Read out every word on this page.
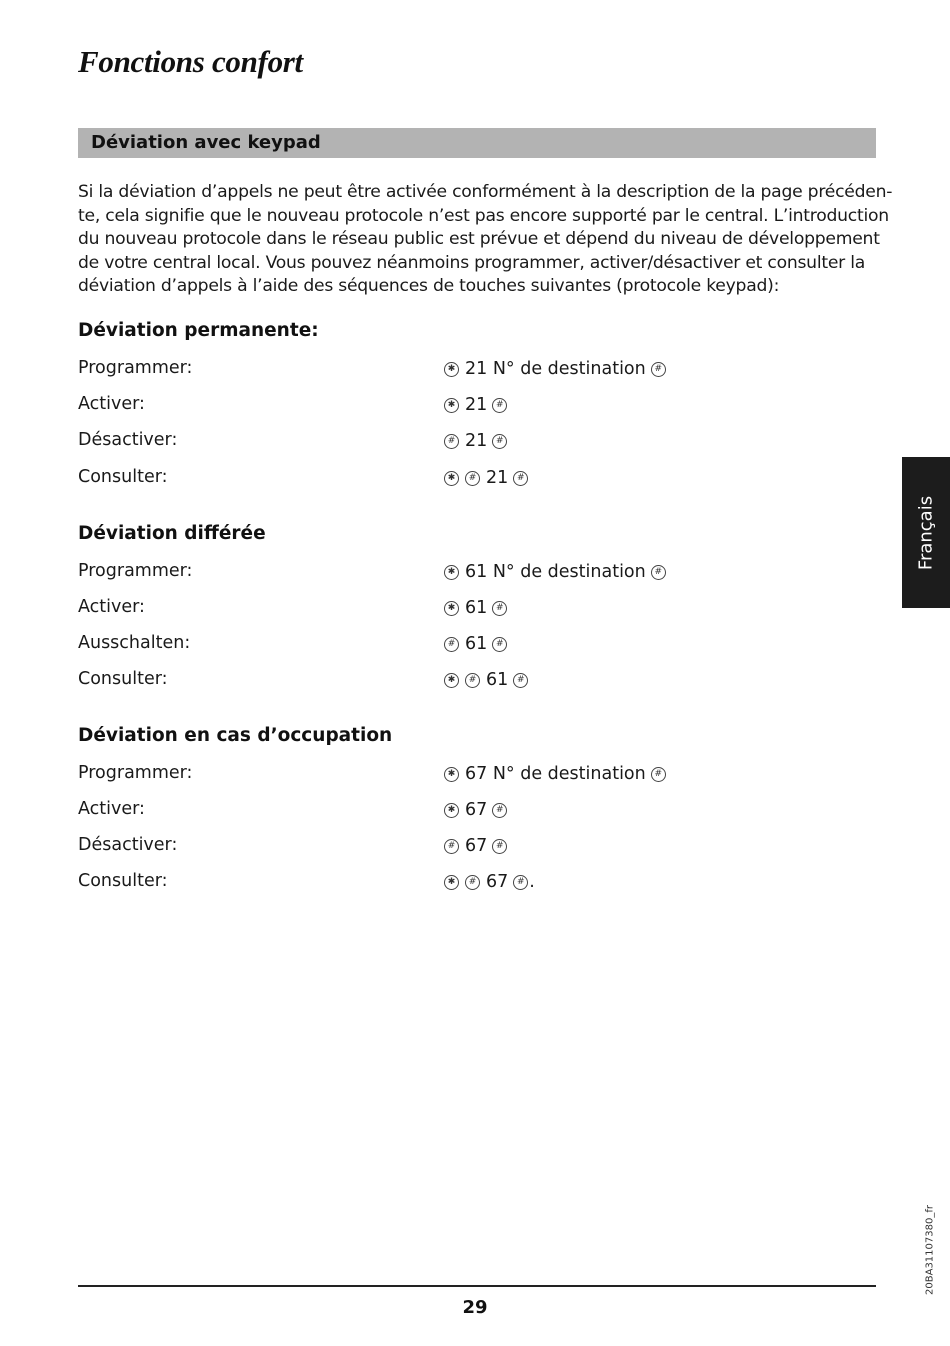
Fonctions confort
Déviation avec keypad
Si la déviation d’appels ne peut être activée conformément à la description de la page précéden-
te, cela signifie que le nouveau protocole n’est pas encore supporté par le central. L’introduction
du nouveau protocole dans le réseau public est prévue et dépend du niveau de développement
de votre central local. Vous pouvez néanmoins programmer, activer/désactiver et consulter la
déviation d’appels à l’aide des séquences de touches suivantes (protocole keypad):
Déviation permanente:
Programmer:	✱ 21 N° de destination #
Activer:	✱ 21 #
Désactiver:	# 21 #
Consulter:	✱	# 21 #
Déviation différée
Programmer:	✱ 61 N° de destination #
Activer:	✱ 61 #
Ausschalten:	# 61 #
Consulter:	✱	# 61 #
Déviation en cas d’occupation
Programmer:	✱ 67 N° de destination #
Activer:	✱ 67 #
Désactiver:	# 67 #
Consulter:	✱	# 67 # .
Français
20BA31107380_fr
29
